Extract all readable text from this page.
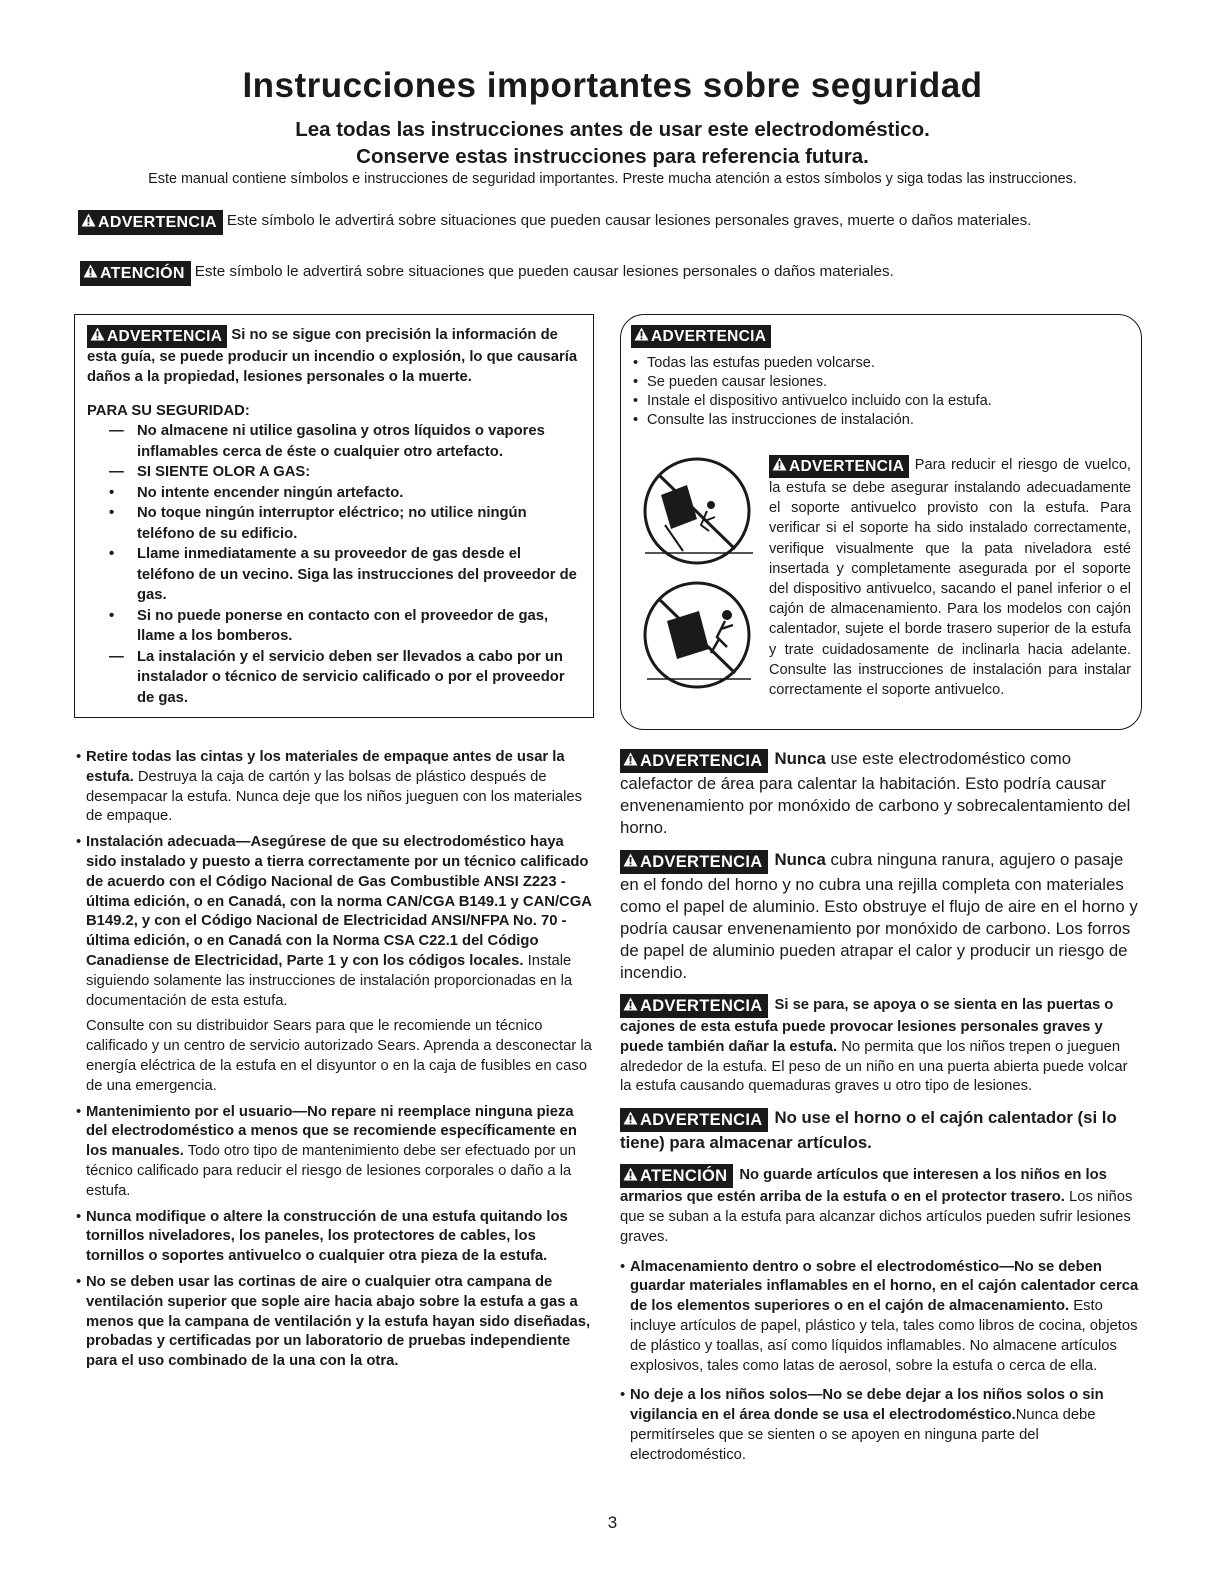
Instrucciones importantes sobre seguridad

Lea todas las instrucciones antes de usar este electrodoméstico.

Conserve estas instrucciones para referencia futura.

Este manual contiene símbolos e instrucciones de seguridad importantes. Preste mucha atención a estos símbolos y siga todas las instrucciones.

ADVERTENCIA Este símbolo le advertirá sobre situaciones que pueden causar lesiones personales graves, muerte o daños materiales.

ATENCIÓN Este símbolo le advertirá sobre situaciones que pueden causar lesiones personales o daños materiales.

ADVERTENCIA Si no se sigue con precisión la información de esta guía, se puede producir un incendio o explosión, lo que causaría daños a la propiedad, lesiones personales o la muerte.

PARA SU SEGURIDAD:

— No almacene ni utilice gasolina y otros líquidos o vapores inflamables cerca de éste o cualquier otro artefacto.
— SI SIENTE OLOR A GAS:
• No intente encender ningún artefacto.
• No toque ningún interruptor eléctrico; no utilice ningún teléfono de su edificio.
• Llame inmediatamente a su proveedor de gas desde el teléfono de un vecino. Siga las instrucciones del proveedor de gas.
• Si no puede ponerse en contacto con el proveedor de gas, llame a los bomberos.
— La instalación y el servicio deben ser llevados a cabo por un instalador o técnico de servicio calificado o por el proveedor de gas.
ADVERTENCIA
• Todas las estufas pueden volcarse.
• Se pueden causar lesiones.
• Instale el dispositivo antivuelco incluido con la estufa.
• Consulte las instrucciones de instalación.

ADVERTENCIA Para reducir el riesgo de vuelco, la estufa se debe asegurar instalando adecuadamente el soporte antivuelco provisto con la estufa. Para verificar si el soporte ha sido instalado correctamente, verifique visualmente que la pata niveladora esté insertada y completamente asegurada por el soporte del dispositivo antivuelco, sacando el panel inferior o el cajón de almacenamiento. Para los modelos con cajón calentador, sujete el borde trasero superior de la estufa y trate cuidadosamente de inclinarla hacia adelante. Consulte las instrucciones de instalación para instalar correctamente el soporte antivuelco.

• Retire todas las cintas y los materiales de empaque antes de usar la estufa. Destruya la caja de cartón y las bolsas de plástico después de desempacar la estufa. Nunca deje que los niños jueguen con los materiales de empaque.

• Instalación adecuada—Asegúrese de que su electrodoméstico haya sido instalado y puesto a tierra correctamente por un técnico calificado de acuerdo con el Código Nacional de Gas Combustible ANSI Z223 - última edición, o en Canadá, con la norma CAN/CGA B149.1 y CAN/CGA B149.2, y con el Código Nacional de Electricidad ANSI/NFPA No. 70 - última edición, o en Canadá con la Norma CSA C22.1 del Código Canadiense de Electricidad, Parte 1 y con los códigos locales. Instale siguiendo solamente las instrucciones de instalación proporcionadas en la documentación de esta estufa.

Consulte con su distribuidor Sears para que le recomiende un técnico calificado y un centro de servicio autorizado Sears. Aprenda a desconectar la energía eléctrica de la estufa en el disyuntor o en la caja de fusibles en caso de una emergencia.

• Mantenimiento por el usuario—No repare ni reemplace ninguna pieza del electrodoméstico a menos que se recomiende específicamente en los manuales. Todo otro tipo de mantenimiento debe ser efectuado por un técnico calificado para reducir el riesgo de lesiones corporales o daño a la estufa.

• Nunca modifique o altere la construcción de una estufa quitando los tornillos niveladores, los paneles, los protectores de cables, los tornillos o soportes antivuelco o cualquier otra pieza de la estufa.

• No se deben usar las cortinas de aire o cualquier otra campana de ventilación superior que sople aire hacia abajo sobre la estufa a gas a menos que la campana de ventilación y la estufa hayan sido diseñadas, probadas y certificadas por un laboratorio de pruebas independiente para el uso combinado de la una con la otra.

ADVERTENCIA Nunca use este electrodoméstico como calefactor de área para calentar la habitación. Esto podría causar envenenamiento por monóxido de carbono y sobrecalentamiento del horno.

ADVERTENCIA Nunca cubra ninguna ranura, agujero o pasaje en el fondo del horno y no cubra una rejilla completa con materiales como el papel de aluminio. Esto obstruye el flujo de aire en el horno y podría causar envenenamiento por monóxido de carbono. Los forros de papel de aluminio pueden atrapar el calor y producir un riesgo de incendio.

ADVERTENCIA Si se para, se apoya o se sienta en las puertas o cajones de esta estufa puede provocar lesiones personales graves y puede también dañar la estufa. No permita que los niños trepen o jueguen alrededor de la estufa. El peso de un niño en una puerta abierta puede volcar la estufa causando quemaduras graves u otro tipo de lesiones.

ADVERTENCIA No use el horno o el cajón calentador (si lo tiene) para almacenar artículos.

ATENCIÓN No guarde artículos que interesen a los niños en los armarios que estén arriba de la estufa o en el protector trasero. Los niños que se suban a la estufa para alcanzar dichos artículos pueden sufrir lesiones graves.

• Almacenamiento dentro o sobre el electrodoméstico—No se deben guardar materiales inflamables en el horno, en el cajón calentador cerca de los elementos superiores o en el cajón de almacenamiento. Esto incluye artículos de papel, plástico y tela, tales como libros de cocina, objetos de plástico y toallas, así como líquidos inflamables. No almacene artículos explosivos, tales como latas de aerosol, sobre la estufa o cerca de ella.

• No deje a los niños solos—No se debe dejar a los niños solos o sin vigilancia en el área donde se usa el electrodoméstico.Nunca debe permitírseles que se sienten o se apoyen en ninguna parte del electrodoméstico.

3
